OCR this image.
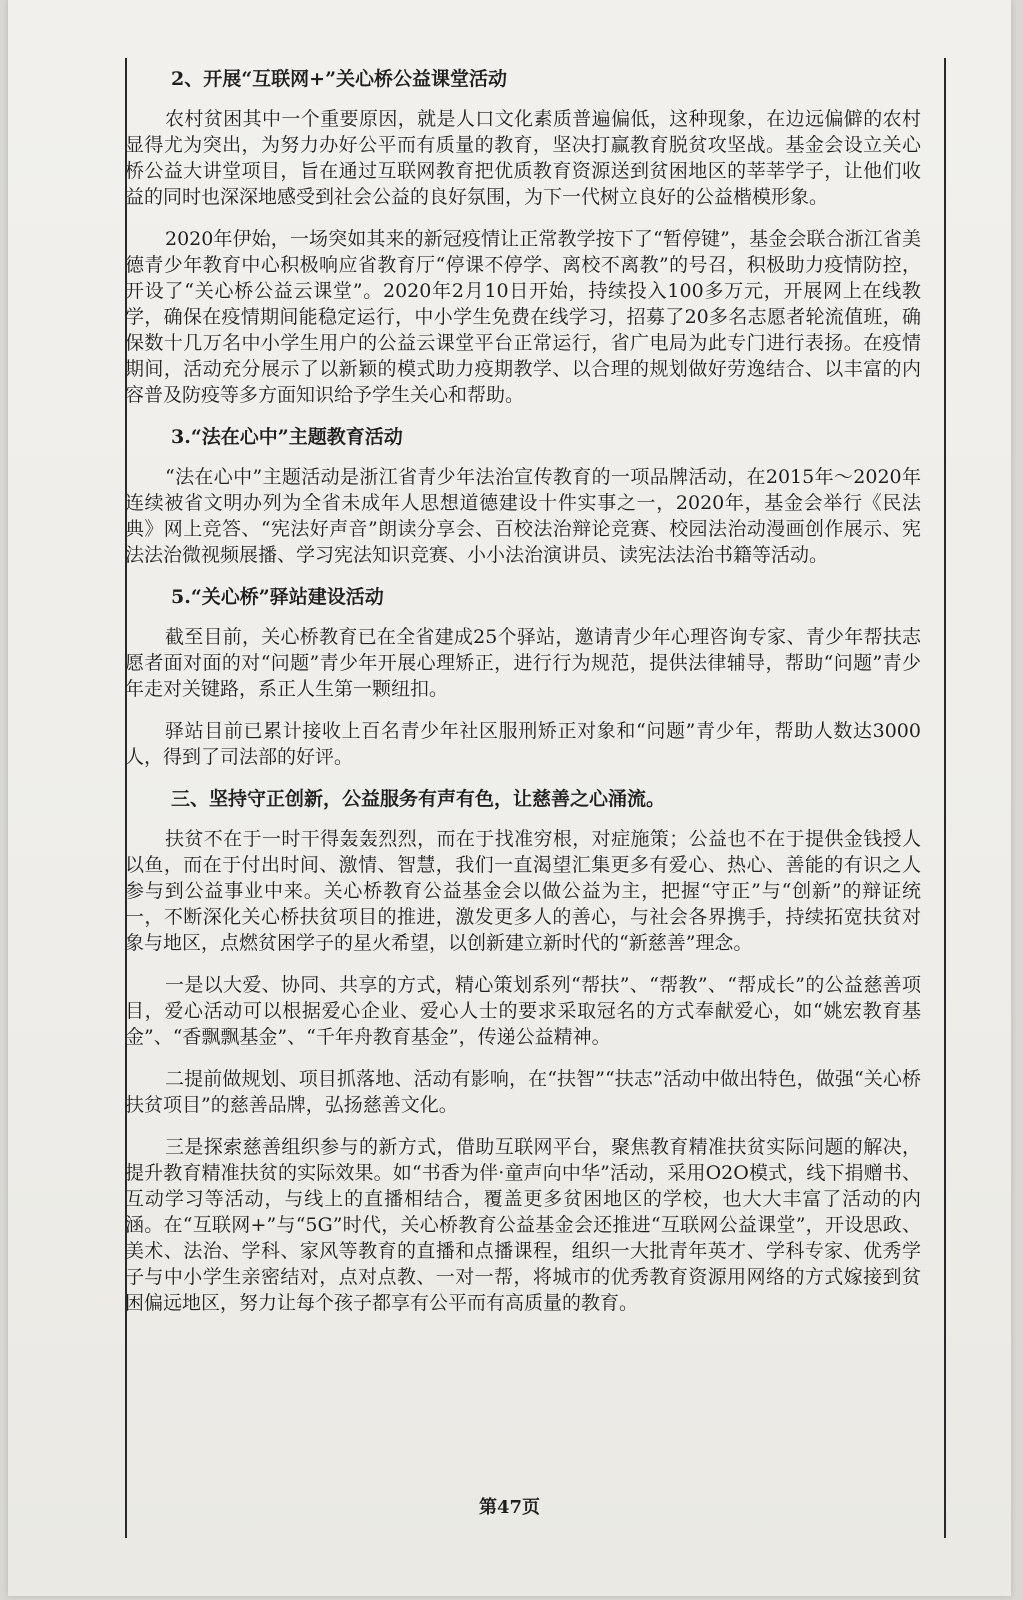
2、开展“互联网+”关心桥公益课堂活动

农村贫困其中一个重要原因，就是人口文化素质普遍偏低，这种现象，在边远偏僻的农村显得尤为突出，为努力办好公平而有质量的教育，坚决打赢教育脱贫攻坚战。基金会设立关心桥公益大讲堂项目，旨在通过互联网教育把优质教育资源送到贫困地区的莘莘学子，让他们收益的同时也深深地感受到社会公益的良好氛围，为下一代树立良好的公益楷模形象。

2020年伊始，一场突如其来的新冠疫情让正常教学按下了“暂停键”，基金会联合浙江省美德青少年教育中心积极响应省教育厅“停课不停学、离校不离教”的号召，积极助力疫情防控，开设了“关心桥公益云课堂”。2020年2月10日开始，持续投入100多万元，开展网上在线教学，确保在疫情期间能稳定运行，中小学生免费在线学习，招募了20多名志愿者轮流值班，确保数十几万名中小学生用户的公益云课堂平台正常运行，省广电局为此专门进行表扬。在疫情期间，活动充分展示了以新颖的模式助力疫期教学、以合理的规划做好劳逸结合、以丰富的内容普及防疫等多方面知识给予学生关心和帮助。

3.“法在心中”主题教育活动

“法在心中”主题活动是浙江省青少年法治宣传教育的一项品牌活动，在2015年～2020年连续被省文明办列为全省未成年人思想道德建设十件实事之一，2020年，基金会举行《民法典》网上竞答、“宪法好声音”朗读分享会、百校法治辩论竞赛、校园法治动漫画创作展示、宪法法治微视频展播、学习宪法知识竞赛、小小法治演讲员、读宪法法治书籍等活动。

5.“关心桥”驿站建设活动

截至目前，关心桥教育已在全省建成25个驿站，邀请青少年心理咨询专家、青少年帮扶志愿者面对面的对“问题”青少年开展心理矫正，进行行为规范，提供法律辅导，帮助“问题”青少年走对关键路，系正人生第一颗纽扣。

驿站目前已累计接收上百名青少年社区服刑矫正对象和“问题”青少年，帮助人数达3000人，得到了司法部的好评。

三、坚持守正创新，公益服务有声有色，让慈善之心涌流。

扶贫不在于一时干得轰轰烈烈，而在于找准穷根，对症施策；公益也不在于提供金钱授人以鱼，而在于付出时间、激情、智慧，我们一直渴望汇集更多有爱心、热心、善能的有识之人参与到公益事业中来。关心桥教育公益基金会以做公益为主，把握“守正”与“创新”的辩证统一，不断深化关心桥扶贫项目的推进，激发更多人的善心，与社会各界携手，持续拓宽扶贫对象与地区，点燃贫困学子的星火希望，以创新建立新时代的“新慈善”理念。

一是以大爱、协同、共享的方式，精心策划系列“帮扶”、“帮教”、“帮成长”的公益慈善项目，爱心活动可以根据爱心企业、爱心人士的要求采取冠名的方式奉献爱心，如“姚宏教育基金”、“香飘飘基金”、“千年舟教育基金”，传递公益精神。

二提前做规划、项目抓落地、活动有影响，在“扶智”“扶志”活动中做出特色，做强“关心桥扶贫项目”的慈善品牌，弘扬慈善文化。

三是探索慈善组织参与的新方式，借助互联网平台，聚焦教育精准扶贫实际问题的解决，提升教育精准扶贫的实际效果。如“书香为伴·童声向中华”活动，采用O2O模式，线下捐赠书、互动学习等活动，与线上的直播相结合，覆盖更多贫困地区的学校，也大大丰富了活动的内涵。在“互联网+”与“5G”时代，关心桥教育公益基金会还推进“互联网公益课堂”，开设思政、美术、法治、学科、家风等教育的直播和点播课程，组织一大批青年英才、学科专家、优秀学子与中小学生亲密结对，点对点教、一对一帮，将城市的优秀教育资源用网络的方式嫁接到贫困偏远地区，努力让每个孩子都享有公平而有高质量的教育。

第47页
